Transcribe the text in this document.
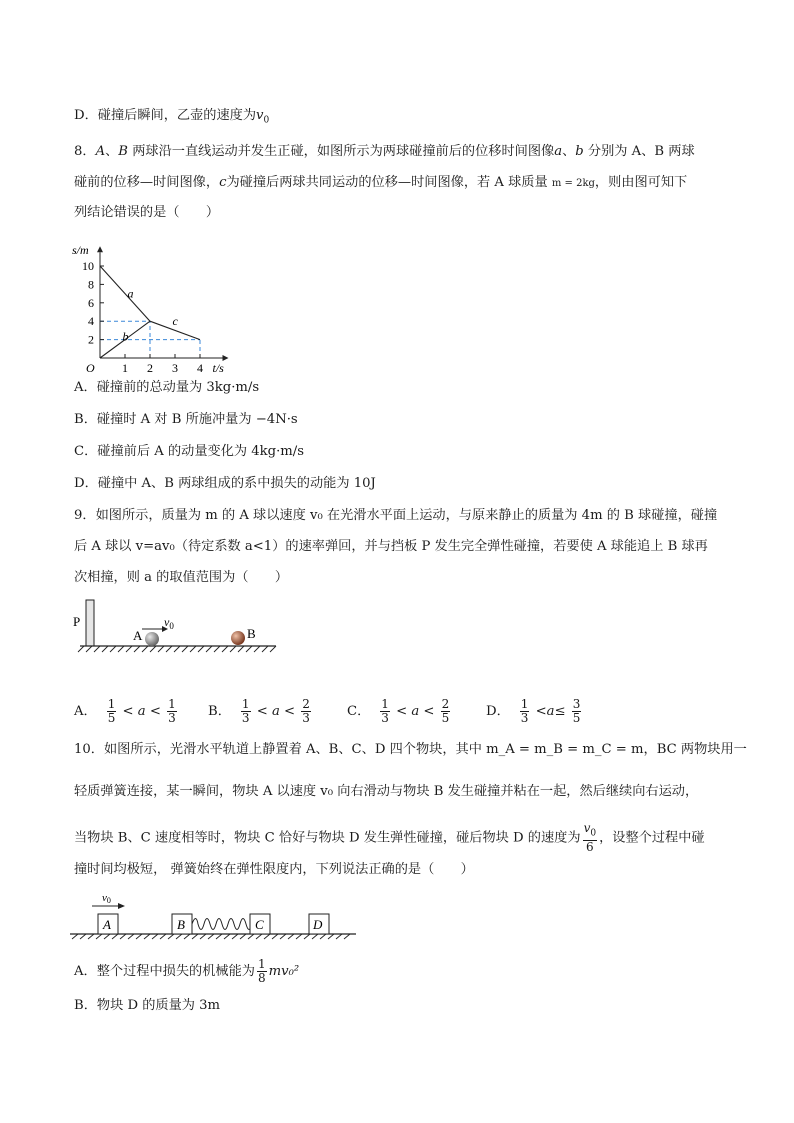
D．碰撞后瞬间，乙壶的速度为$v_0$
8．A、B 两球沿一直线运动并发生正碰，如图所示为两球碰撞前后的位移时间图像a、b 分别为 A、B 两球
碰前的位移—时间图像，c为碰撞后两球共同运动的位移—时间图像，若 A 球质量 m = 2kg，则由图可知下
列结论错误的是（　　）
2
4
6
8
10
1 2 3 4
a
b
c
s/m
t/s
O
A．碰撞前的总动量为 3kg·m/s
B．碰撞时 A 对 B 所施冲量为 −4N·s
C．碰撞前后 A 的动量变化为 4kg·m/s
D．碰撞中 A、B 两球组成的系中损失的动能为 10J
9．如图所示，质量为 m 的 A 球以速度 v₀ 在光滑水平面上运动，与原来静止的质量为 4m 的 B 球碰撞，碰撞
后 A 球以 v=av₀（待定系数 a<1）的速率弹回，并与挡板 P 发生完全弹性碰撞，若要使 A 球能追上 B 球再
次相撞，则 a 的取值范围为（　　）
P
A
$v_0$	B
A． $\frac{1}{5} < a < \frac{1}{3}$ B． $\frac{1}{3} < a < \frac{2}{3}$	C． $\frac{1}{3} < a < \frac{2}{5}$	D． $\frac{1}{3} <a\le \frac{3}{5}$
10．如图所示，光滑水平轨道上静置着 A、B、C、D 四个物块，其中 m_A = m_B = m_C = m，BC 两物块用一
轻质弹簧连接，某一瞬间，物块 A 以速度 v₀ 向右滑动与物块 B 发生碰撞并粘在一起，然后继续向右运动，
当物块 B、C 速度相等时，物块 C 恰好与物块 D 发生弹性碰撞，碰后物块 D 的速度为 $\frac{v_0}{6}$ ，设整个过程中碰
撞时间均极短， 弹簧始终在弹性限度内，下列说法正确的是（　　）
v0
A	B	C	D
A．整个过程中损失的机械能为 $\frac{1}{8} mv_0^2$
B．物块 D 的质量为 3m
